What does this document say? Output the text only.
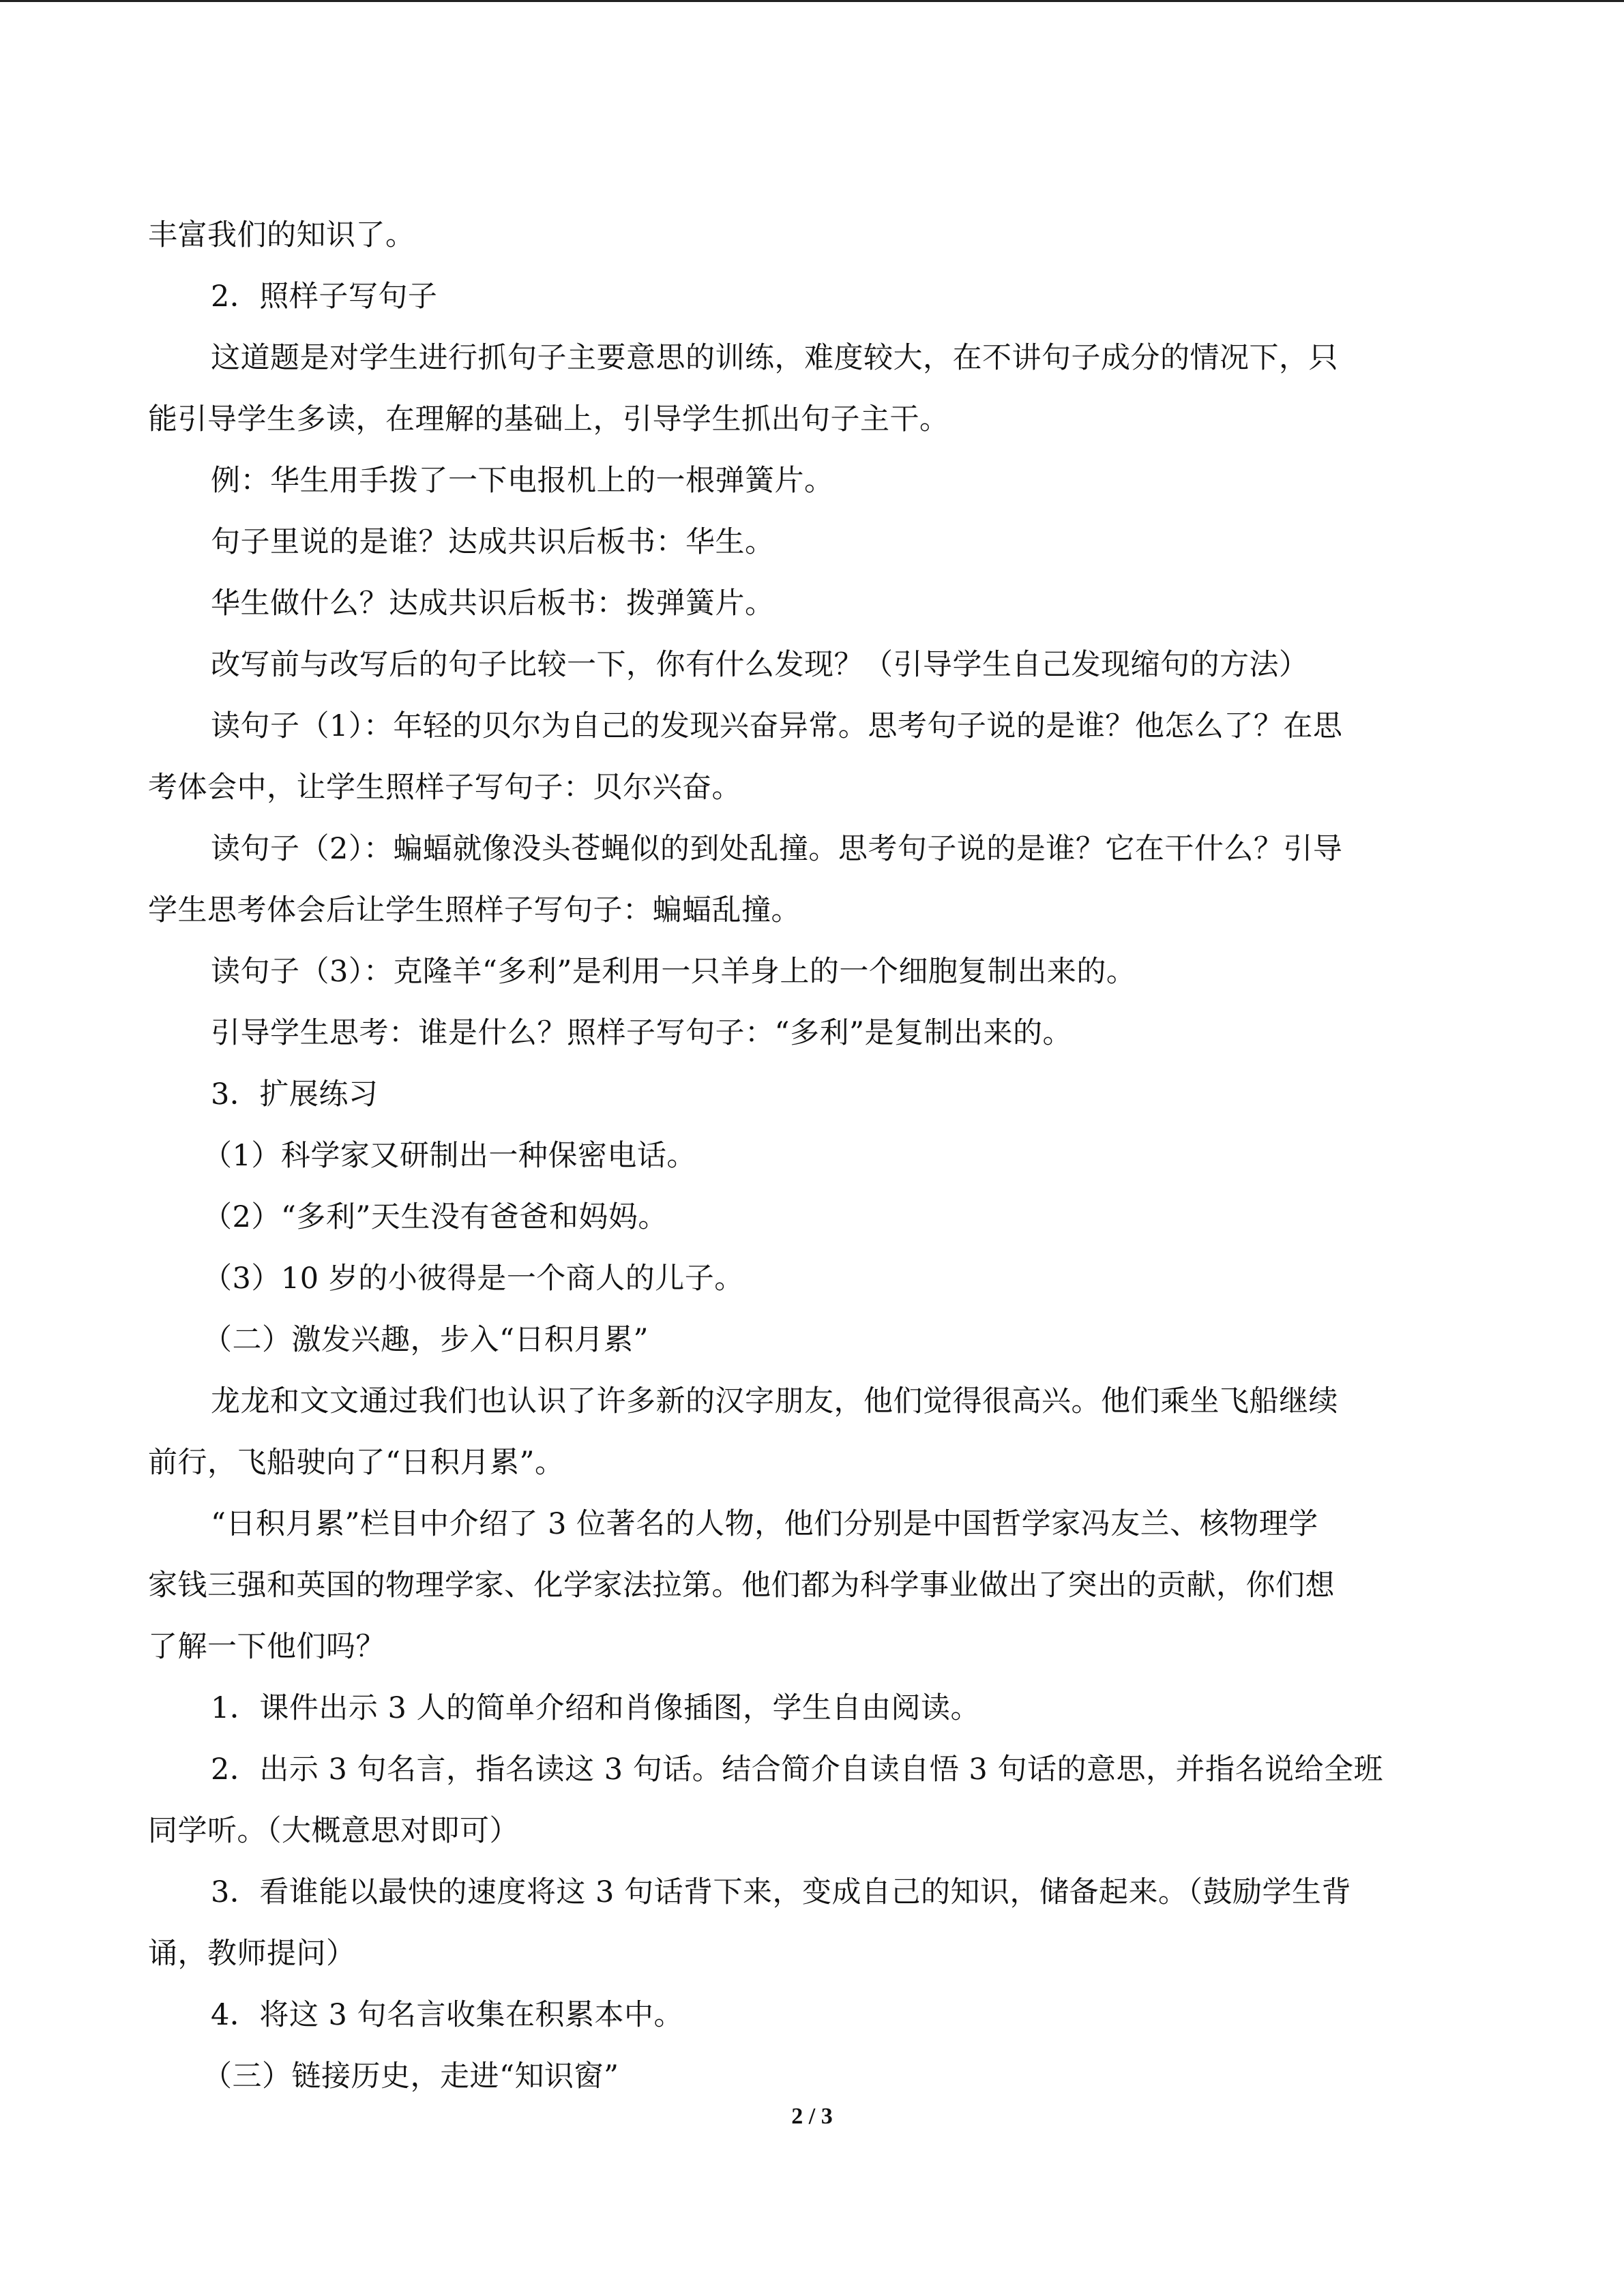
丰富我们的知识了。
2．照样子写句子
这道题是对学生进行抓句子主要意思的训练，难度较大，在不讲句子成分的情况下，只
能引导学生多读，在理解的基础上，引导学生抓出句子主干。
例：华生用手拨了一下电报机上的一根弹簧片。
句子里说的是谁？达成共识后板书：华生。
华生做什么？达成共识后板书：拨弹簧片。
改写前与改写后的句子比较一下，你有什么发现？（引导学生自己发现缩句的方法）
读句子（1）：年轻的贝尔为自己的发现兴奋异常。思考句子说的是谁？他怎么了？在思
考体会中，让学生照样子写句子：贝尔兴奋。
读句子（2）：蝙蝠就像没头苍蝇似的到处乱撞。思考句子说的是谁？它在干什么？引导
学生思考体会后让学生照样子写句子：蝙蝠乱撞。
读句子（3）：克隆羊“多利”是利用一只羊身上的一个细胞复制出来的。
引导学生思考：谁是什么？照样子写句子：“多利”是复制出来的。
3．扩展练习
（1）科学家又研制出一种保密电话。
（2）“多利”天生没有爸爸和妈妈。
（3）10 岁的小彼得是一个商人的儿子。
（二）激发兴趣，步入“日积月累”
龙龙和文文通过我们也认识了许多新的汉字朋友，他们觉得很高兴。他们乘坐飞船继续
前行，飞船驶向了“日积月累”。
“日积月累”栏目中介绍了 3 位著名的人物，他们分别是中国哲学家冯友兰、核物理学
家钱三强和英国的物理学家、化学家法拉第。他们都为科学事业做出了突出的贡献，你们想
了解一下他们吗？
1．课件出示 3 人的简单介绍和肖像插图，学生自由阅读。
2．出示 3 句名言，指名读这 3 句话。结合简介自读自悟 3 句话的意思，并指名说给全班
同学听。（大概意思对即可）
3．看谁能以最快的速度将这 3 句话背下来，变成自己的知识，储备起来。（鼓励学生背
诵，教师提问）
4．将这 3 句名言收集在积累本中。
（三）链接历史，走进“知识窗”
2 / 3
